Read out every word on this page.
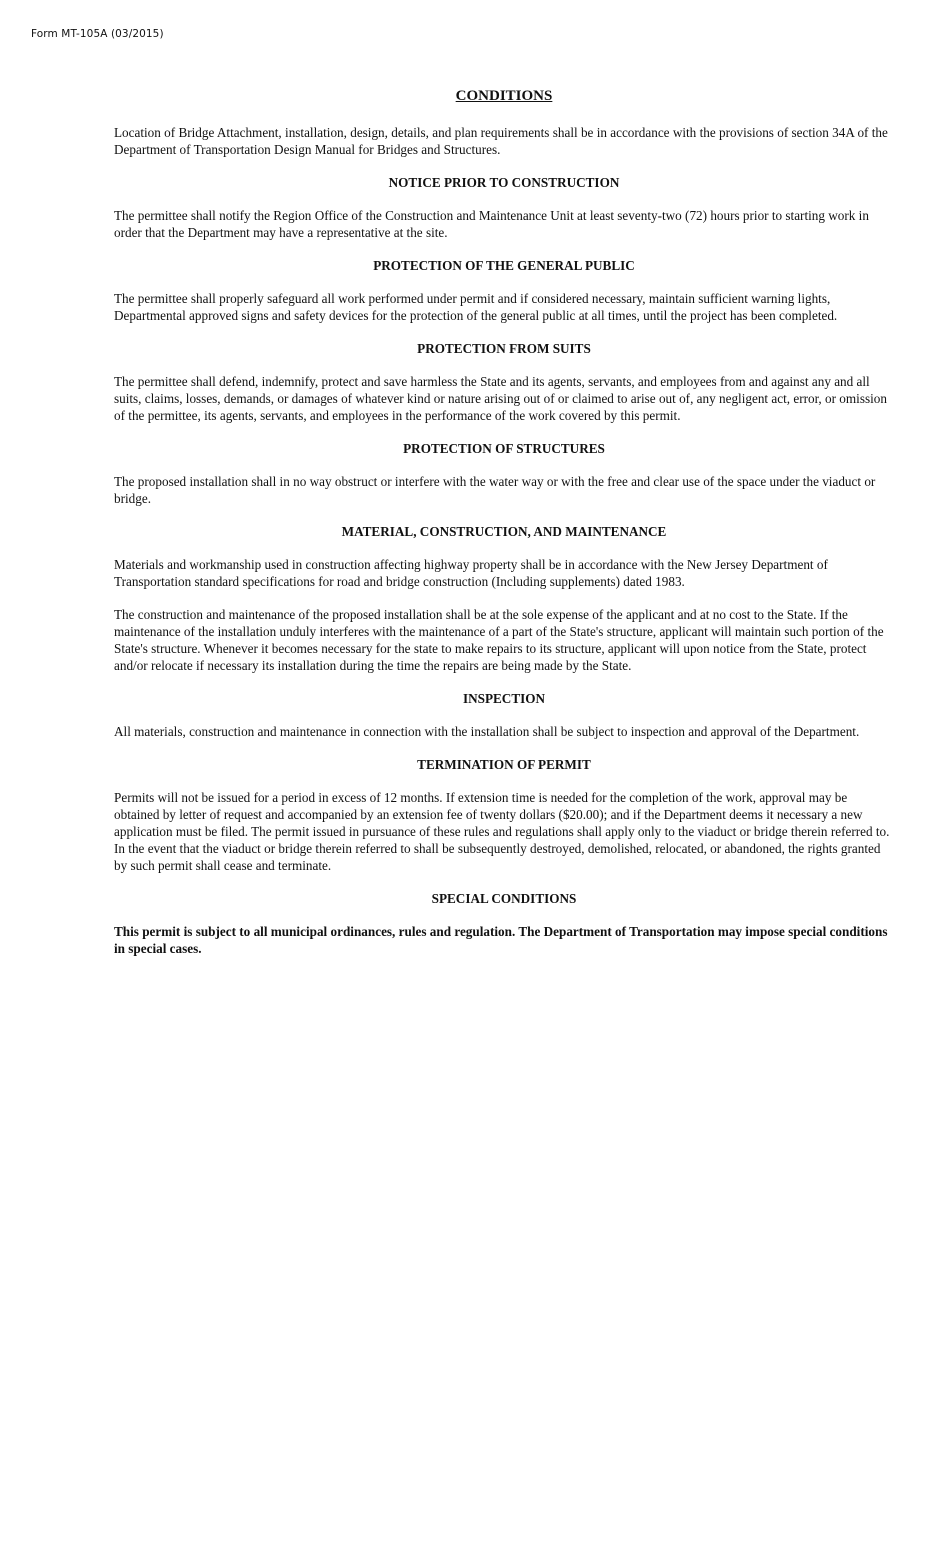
Form MT-105A (03/2015)
CONDITIONS

Location of Bridge Attachment, installation, design, details, and plan requirements shall be in accordance with the provisions of section 34A of the Department of Transportation Design Manual for Bridges and Structures.

NOTICE PRIOR TO CONSTRUCTION

The permittee shall notify the Region Office of the Construction and Maintenance Unit at least seventy-two (72) hours prior to starting work in order that the Department may have a representative at the site.

PROTECTION OF THE GENERAL PUBLIC

The permittee shall properly safeguard all work performed under permit and if considered necessary, maintain sufficient warning lights, Departmental approved signs and safety devices for the protection of the general public at all times, until the project has been completed.

PROTECTION FROM SUITS

The permittee shall defend, indemnify, protect and save harmless the State and its agents, servants, and employees from and against any and all suits, claims, losses, demands, or damages of whatever kind or nature arising out of or claimed to arise out of, any negligent act, error, or omission of the permittee, its agents, servants, and employees in the performance of the work covered by this permit.

PROTECTION OF STRUCTURES

The proposed installation shall in no way obstruct or interfere with the water way or with the free and clear use of the space under the viaduct or bridge.

MATERIAL, CONSTRUCTION, AND MAINTENANCE

Materials and workmanship used in construction affecting highway property shall be in accordance with the New Jersey Department of Transportation standard specifications for road and bridge construction (Including supplements) dated 1983.

The construction and maintenance of the proposed installation shall be at the sole expense of the applicant and at no cost to the State. If the maintenance of the installation unduly interferes with the maintenance of a part of the State's structure, applicant will maintain such portion of the State's structure. Whenever it becomes necessary for the state to make repairs to its structure, applicant will upon notice from the State, protect and/or relocate if necessary its installation during the time the repairs are being made by the State.

INSPECTION

All materials, construction and maintenance in connection with the installation shall be subject to inspection and approval of the Department.

TERMINATION OF PERMIT

Permits will not be issued for a period in excess of 12 months. If extension time is needed for the completion of the work, approval may be obtained by letter of request and accompanied by an extension fee of twenty dollars ($20.00); and if the Department deems it necessary a new application must be filed. The permit issued in pursuance of these rules and regulations shall apply only to the viaduct or bridge therein referred to. In the event that the viaduct or bridge therein referred to shall be subsequently destroyed, demolished, relocated, or abandoned, the rights granted by such permit shall cease and terminate.

SPECIAL CONDITIONS

This permit is subject to all municipal ordinances, rules and regulation. The Department of Transportation may impose special conditions in special cases.
